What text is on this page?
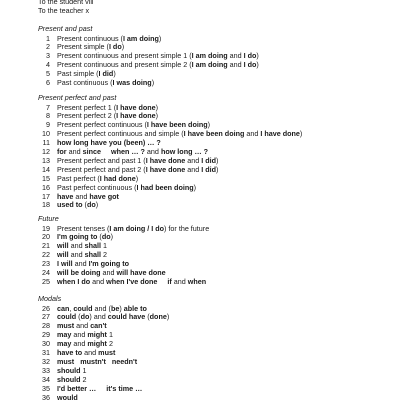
To the student viii
To the teacher x
Present and past
1 Present continuous (I am doing)
2 Present simple (I do)
3 Present continuous and present simple 1 (I am doing and I do)
4 Present continuous and present simple 2 (I am doing and I do)
5 Past simple (I did)
6 Past continuous (I was doing)
Present perfect and past
7 Present perfect 1 (I have done)
8 Present perfect 2 (I have done)
9 Present perfect continuous (I have been doing)
10 Present perfect continuous and simple (I have been doing and I have done)
11 how long have you (been) … ?
12 for and since when … ? and how long … ?
13 Present perfect and past 1 (I have done and I did)
14 Present perfect and past 2 (I have done and I did)
15 Past perfect (I had done)
16 Past perfect continuous (I had been doing)
17 have and have got
18 used to (do)
Future
19 Present tenses (I am doing / I do) for the future
20 I'm going to (do)
21 will and shall 1
22 will and shall 2
23 I will and I'm going to
24 will be doing and will have done
25 when I do and when I've done if and when
Modals
26 can, could and (be) able to
27 could (do) and could have (done)
28 must and can't
29 may and might 1
30 may and might 2
31 have to and must
32 must mustn't needn't
33 should 1
34 should 2
35 I'd better … it's time …
36 would
